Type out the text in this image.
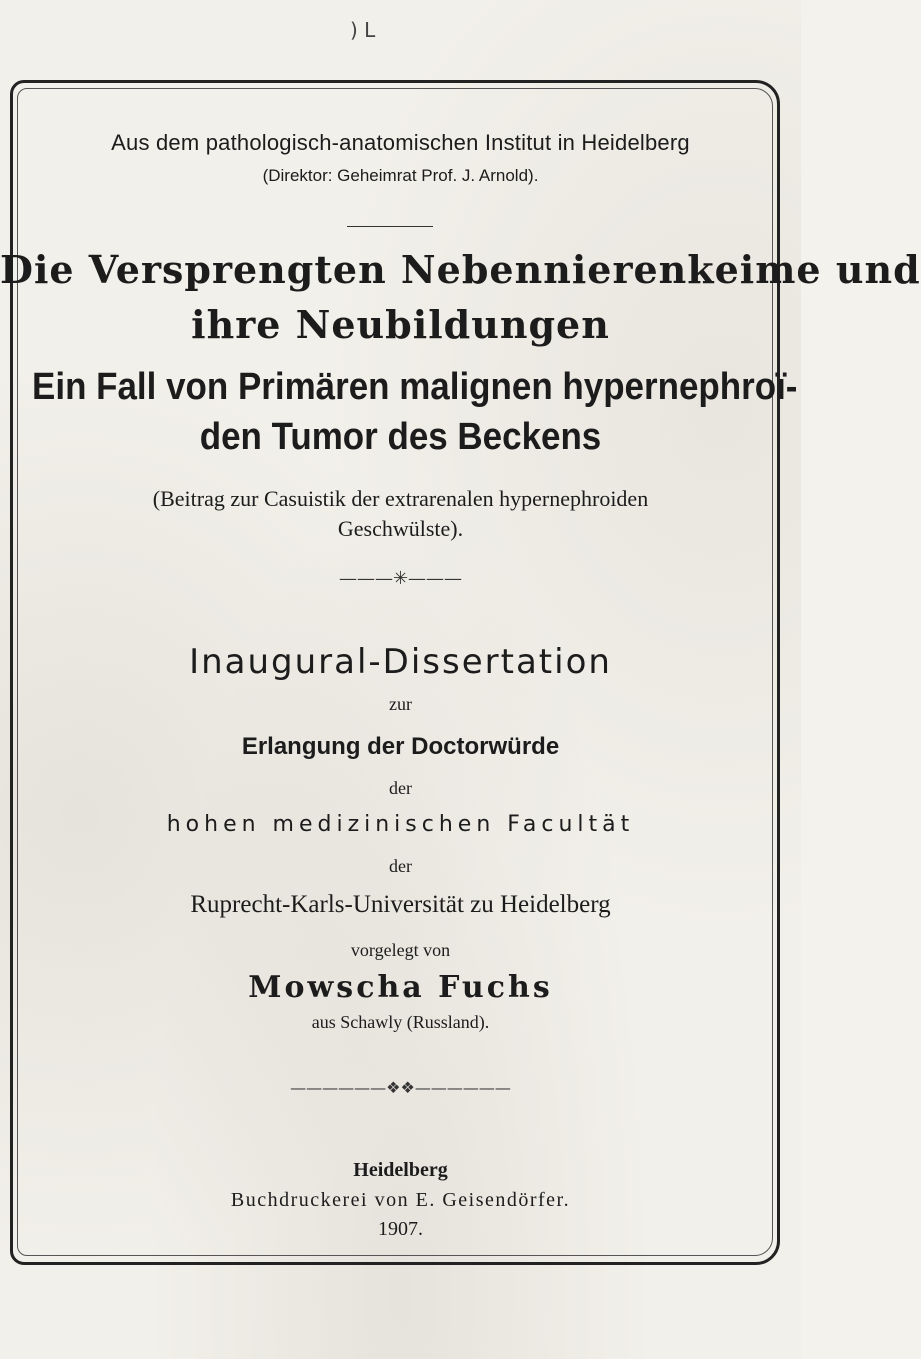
) L
Aus dem pathologisch-anatomischen Institut in Heidelberg
(Direktor: Geheimrat Prof. J. Arnold).
Die Versprengten Nebennierenkeime und
ihre Neubildungen
Ein Fall von Primären malignen hypernephroï-
den Tumor des Beckens
(Beitrag zur Casuistik der extrarenalen hypernephroiden
Geschwülste).
———✳———
Inaugural-Dissertation
zur
Erlangung der Doctorwürde
der
hohen medizinischen Facultät
der
Ruprecht-Karls-Universität zu Heidelberg
vorgelegt von
Mowscha Fuchs
aus Schawly (Russland).
——————❖❖——————
Heidelberg
Buchdruckerei von E. Geisendörfer.
1907.
